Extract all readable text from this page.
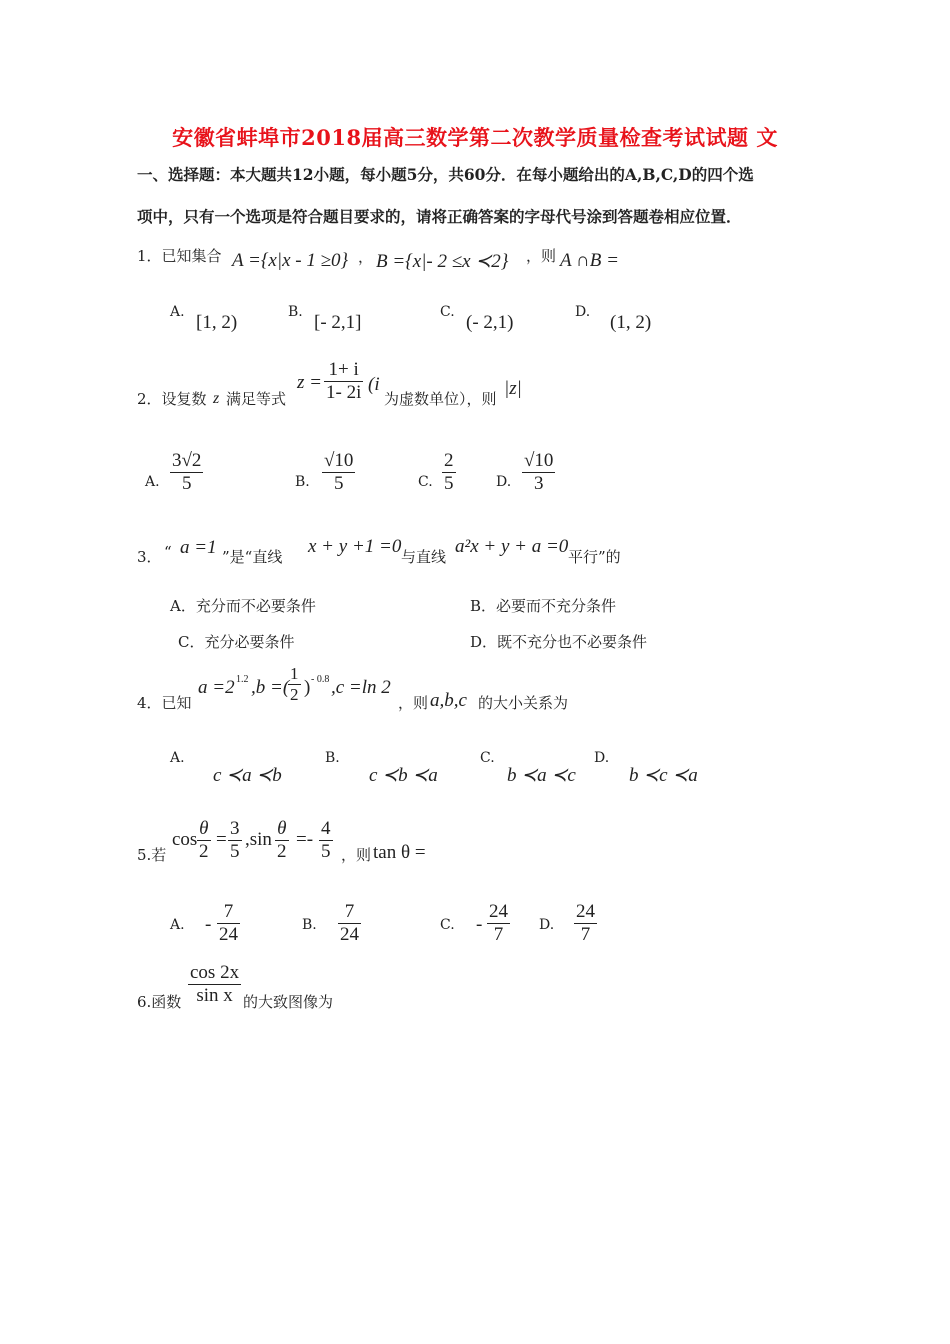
安徽省蚌埠市2018届高三数学第二次教学质量检查考试试题 文
一、选择题：本大题共12小题，每小题5分，共60分．在每小题给出的A,B,C,D的四个选
项中，只有一个选项是符合题目要求的，请将正确答案的字母代号涂到答题卷相应位置．
1．已知集合 A ={x|x - 1 ≥0} ， B ={x|- 2 ≤x ≺2} ，则 A ∩B =
A. [1, 2)	B. [- 2,1]	C. (- 2,1)	D. (1, 2)
2．设复数 z 满足等式
$z = \frac{1+ i}{1- 2i} (i$
为虚数单位），则 |z|
A. $\frac{3√2}{5}$	B. $\frac{√10}{5}$	C. $\frac{2}{5}$	D. $\frac{√10}{3}$
3． “ a =1 ”是“直线 x + y +1 =0 与直线 a²x + y + a =0 平行”的
A．充分而不必要条件	B．必要而不充分条件
C．充分必要条件	D．既不充分也不必要条件
4．已知
a =2 1.2 ,b =(
$\frac{1}{2}$ ) - 0.8 ,c =ln 2
，则 a,b,c 的大小关系为
A.
c ≺a ≺b
B.
c ≺b ≺a
C.
b ≺a ≺c
D.
b ≺c ≺a
5.若
$\cos \frac{\theta}{2} = \frac{3}{5} ,\sin \frac{\theta}{2} =- \frac{4}{5}$ ，则 tan θ =
A. - $\frac{7}{24}$	B. $\frac{7}{24}$	C. - $\frac{24}{7} D$. $\frac{24}{7}$
6.函数 $\frac{\cos 2x}{\text{sin x}}$ 的大致图像为
